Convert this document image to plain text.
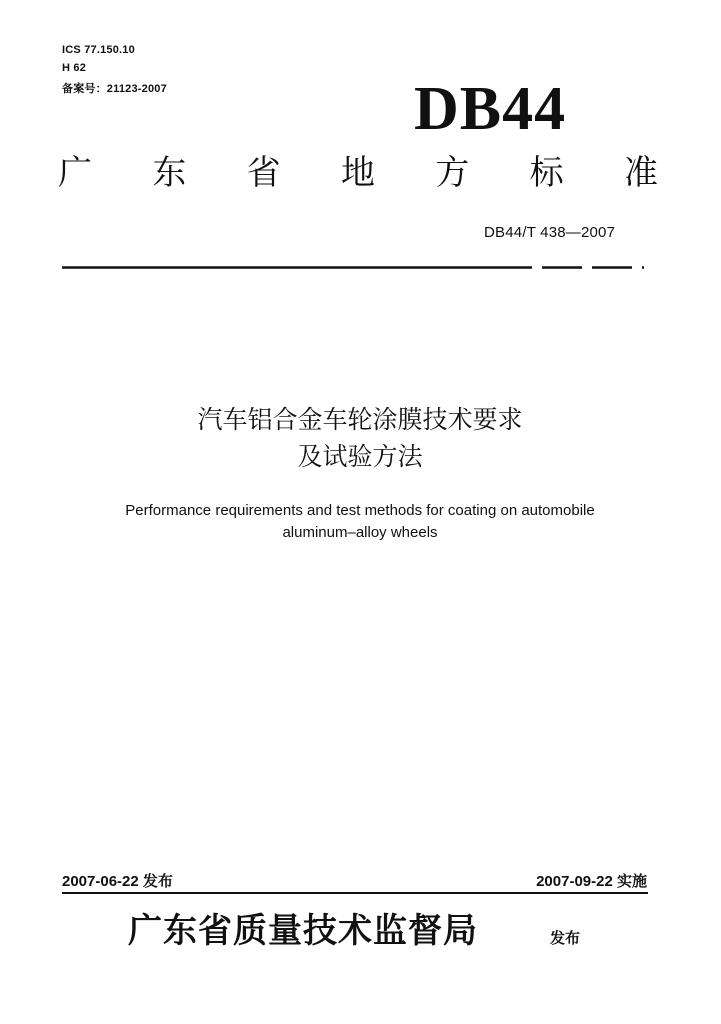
ICS 77.150.10
H 62
备案号：21123-2007	DB44
广 东 省 地 方 标 准
DB44/T 438—2007
汽车铝合金车轮涂膜技术要求
及试验方法
Performance requirements and test methods for coating on automobile
aluminum–alloy wheels
2007-06-22 发布	2007-09-22 实施
广东省质量技术监督局	发布
